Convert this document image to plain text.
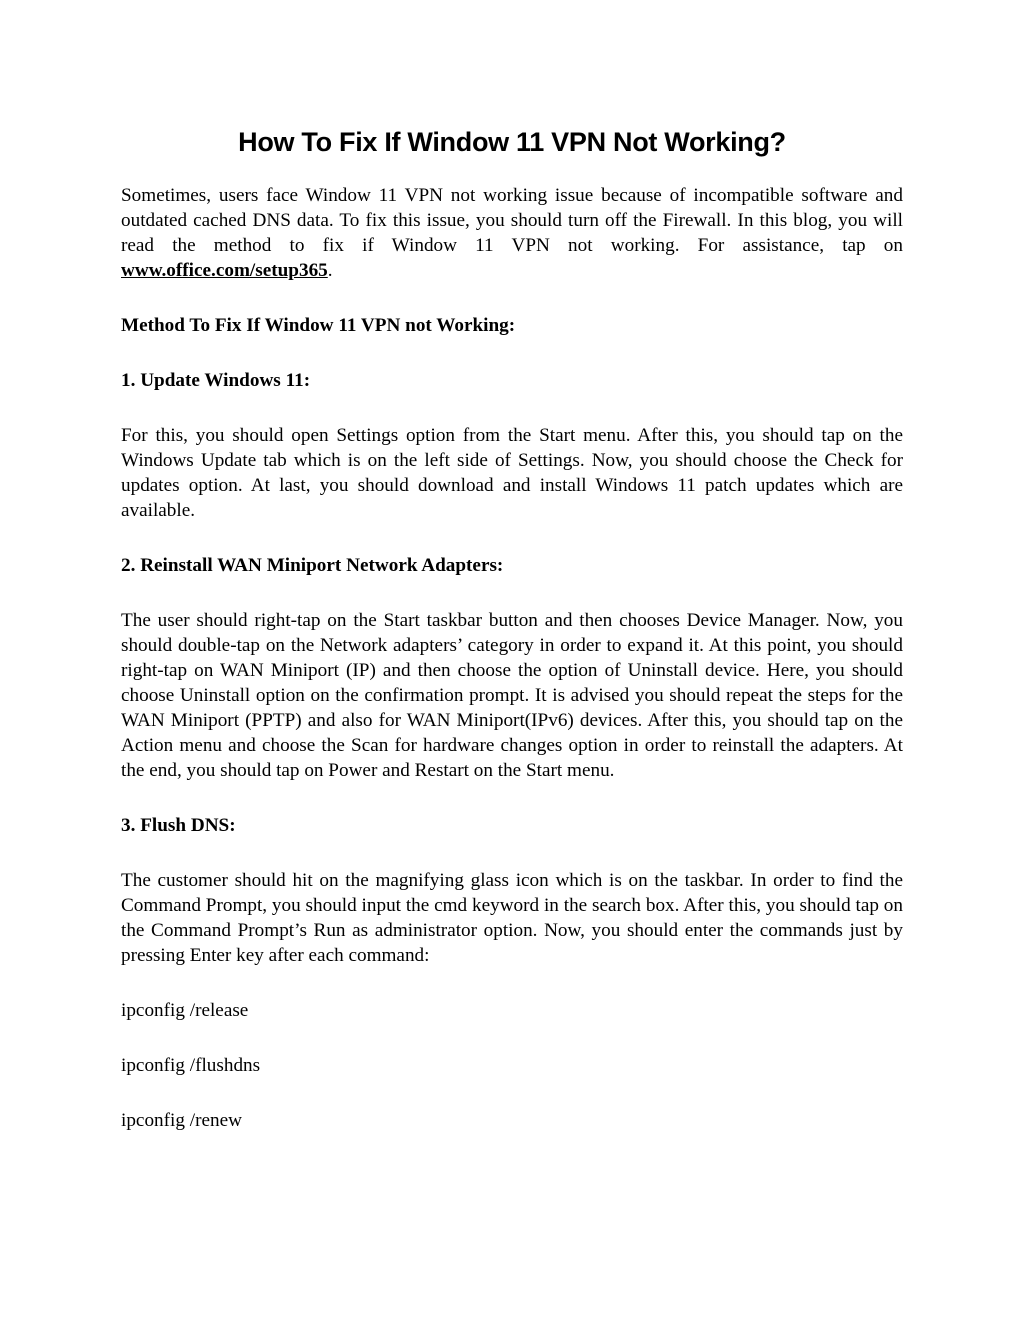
How To Fix If Window 11 VPN Not Working?

Sometimes, users face Window 11 VPN not working issue because of incompatible software and outdated cached DNS data. To fix this issue, you should turn off the Firewall. In this blog, you will read the method to fix if Window 11 VPN not working. For assistance, tap on www.office.com/setup365.

Method To Fix If Window 11 VPN not Working:
1. Update Windows 11:

For this, you should open Settings option from the Start menu. After this, you should tap on the Windows Update tab which is on the left side of Settings. Now, you should choose the Check for updates option. At last, you should download and install Windows 11 patch updates which are available.

2. Reinstall WAN Miniport Network Adapters:

The user should right-tap on the Start taskbar button and then chooses Device Manager. Now, you should double-tap on the Network adapters’ category in order to expand it. At this point, you should right-tap on WAN Miniport (IP) and then choose the option of Uninstall device. Here, you should choose Uninstall option on the confirmation prompt. It is advised you should repeat the steps for the WAN Miniport (PPTP) and also for WAN Miniport(IPv6) devices. After this, you should tap on the Action menu and choose the Scan for hardware changes option in order to reinstall the adapters. At the end, you should tap on Power and Restart on the Start menu.

3. Flush DNS:

The customer should hit on the magnifying glass icon which is on the taskbar. In order to find the Command Prompt, you should input the cmd keyword in the search box. After this, you should tap on the Command Prompt’s Run as administrator option. Now, you should enter the commands just by pressing Enter key after each command:

ipconfig /release

ipconfig /flushdns

ipconfig /renew
